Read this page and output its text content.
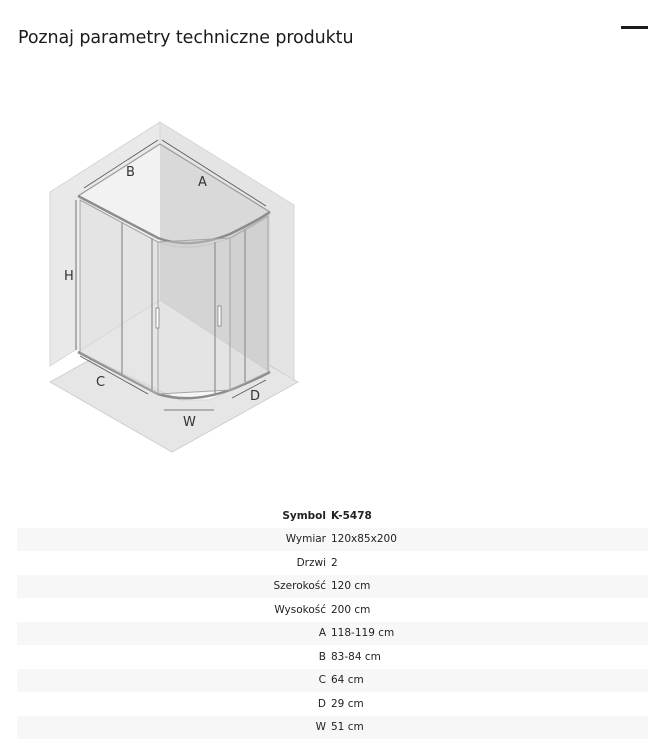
Poznaj parametry techniczne produktu
B
A
H
C
W
D
Symbol K-5478
Wymiar 120x85x200
Drzwi 2
Szerokość 120 cm
Wysokość 200 cm
A 118-119 cm
B 83-84 cm
C 64 cm
D 29 cm
W 51 cm
